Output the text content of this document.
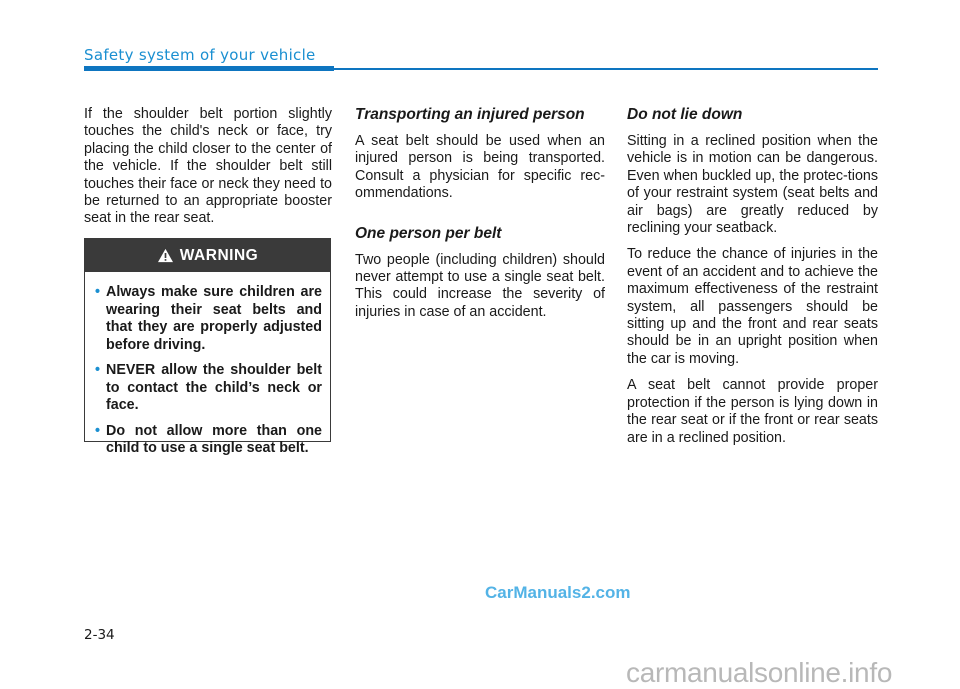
Safety system of your vehicle

If the shoulder belt portion slightly touches the child's neck or face, try placing the child closer to the center of the vehicle. If the shoulder belt still touches their face or neck they need to be returned to an appropriate booster seat in the rear seat.

WARNING
• Always make sure children are wearing their seat belts and that they are properly adjusted before driving.
• NEVER allow the shoulder belt to contact the child’s neck or face.
• Do not allow more than one child to use a single seat belt.
Transporting an injured person

A seat belt should be used when an injured person is being transported. Consult a physician for specific rec-ommendations.

One person per belt

Two people (including children) should never attempt to use a single seat belt. This could increase the severity of injuries in case of an accident.

Do not lie down

Sitting in a reclined position when the vehicle is in motion can be dangerous. Even when buckled up, the protec-tions of your restraint system (seat belts and air bags) are greatly reduced by reclining your seatback.

To reduce the chance of injuries in the event of an accident and to achieve the maximum effectiveness of the restraint system, all passengers should be sitting up and the front and rear seats should be in an upright position when the car is moving.

A seat belt cannot provide proper protection if the person is lying down in the rear seat or if the front or rear seats are in a reclined position.

CarManuals2.com
2-34
carmanualsonline.info
